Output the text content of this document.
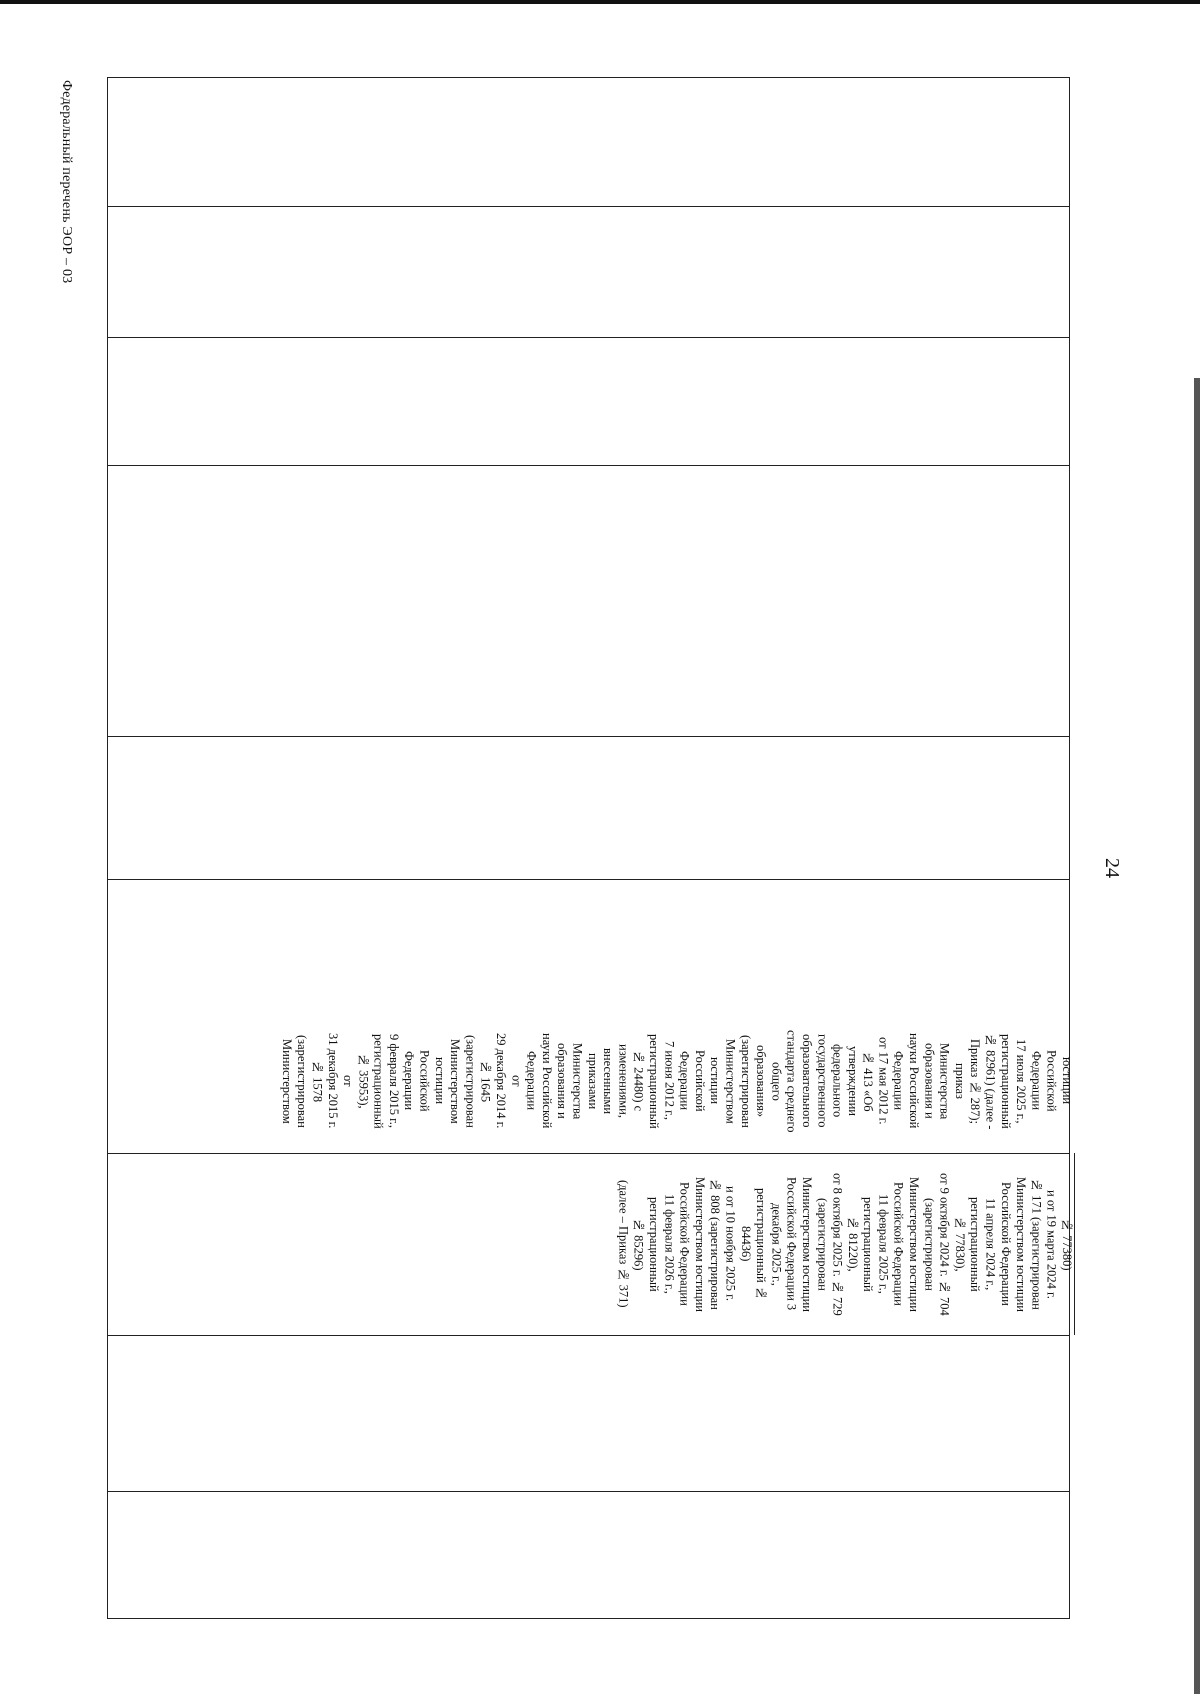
Федеральный перечень ЭОР – 03
24
юстиции
Российской
Федерации
17 июля 2025 г.,
регистрационный
№ 82961) (далее -
Приказ № 287);
приказ
Министерства
образования и
науки Российской
Федерации
от 17 мая 2012 г.
№ 413 «Об
утверждении
федерального
государственного
образовательного
стандарта среднего
общего
образования»
(зарегистрирован
Министерством
юстиции
Российской
Федерации
7 июня 2012 г.,
регистрационный
№ 24480) с
изменениями,
внесенными
приказами
Министерства
образования и
науки Российской
Федерации
от
29 декабря 2014 г.
№ 1645
(зарегистрирован
Министерством
юстиции
Российской
Федерации
9 февраля 2015 г.,
регистрационный
№ 35953),
от
31 декабря 2015 г.
№ 1578
(зарегистрирован
Министерством
№ 77380)
и от 19 марта 2024 г.
№ 171 (зарегистрирован
Министерством юстиции
Российской Федерации
11 апреля 2024 г.,
регистрационный
№ 77830),
от 9 октября 2024 г. № 704
(зарегистрирован
Министерством юстиции
Российской Федерации
11 февраля 2025 г.,
регистрационный
№ 81220),
от 8 октября 2025 г. № 729
(зарегистрирован
Министерством юстиции
Российской Федерации 3
декабря 2025 г.,
регистрационный №
84436)
и от 10 ноября 2025 г.
№ 808 (зарегистрирован
Министерством юстиции
Российской Федерации
11 февраля 2026 г.,
регистрационный
№ 85296)
(далее – Приказ № 371)
